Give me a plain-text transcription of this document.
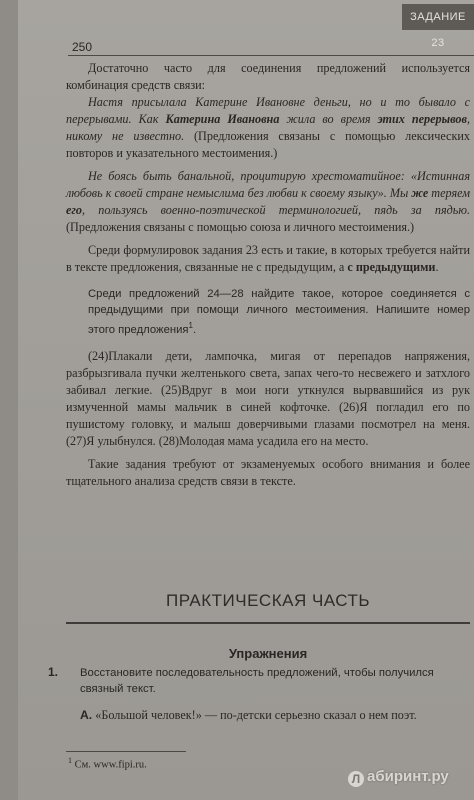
ЗАДАНИЕ 23
250

Достаточно часто для соединения предложений используется комбинация средств связи:

Настя присылала Катерине Ивановне деньги, но и то бывало с перерывами. Как Катерина Ивановна жила во время этих перерывов, никому не известно. (Предложения связаны с помощью лексических повторов и указательного местоимения.)

Не боясь быть банальной, процитирую хрестоматийное: «Истинная любовь к своей стране немыслима без любви к своему языку». Мы же теряем его, пользуясь военно-поэтической терминологией, пядь за пядью. (Предложения связаны с помощью союза и личного местоимения.)

Среди формулировок задания 23 есть и такие, в которых требуется найти в тексте предложения, связанные не с предыдущим, а с предыдущими.

Среди предложений 24—28 найдите такое, которое соединяется с предыдущими при помощи личного местоимения. Напишите номер этого предложения$^1$.

(24)Плакали дети, лампочка, мигая от перепадов напряжения, разбрызгивала пучки желтенького света, запах чего-то несвежего и затхлого забивал легкие. (25)Вдруг в мои ноги уткнулся вырвавшийся из рук измученной мамы мальчик в синей кофточке. (26)Я погладил его по пушистому головку, и малыш доверчивыми глазами посмотрел на меня. (27)Я улыбнулся. (28)Молодая мама усадила его на место.

Такие задания требуют от экзаменуемых особого внимания и более тщательного анализа средств связи в тексте.

ПРАКТИЧЕСКАЯ ЧАСТЬ
Упражнения
1. Восстановите последовательность предложений, чтобы получился связный текст.
А. «Большой человек!» — по-детски серьезно сказал о нем поэт.
$^1$ См. www.fipi.ru.
Л абиринт.ру
